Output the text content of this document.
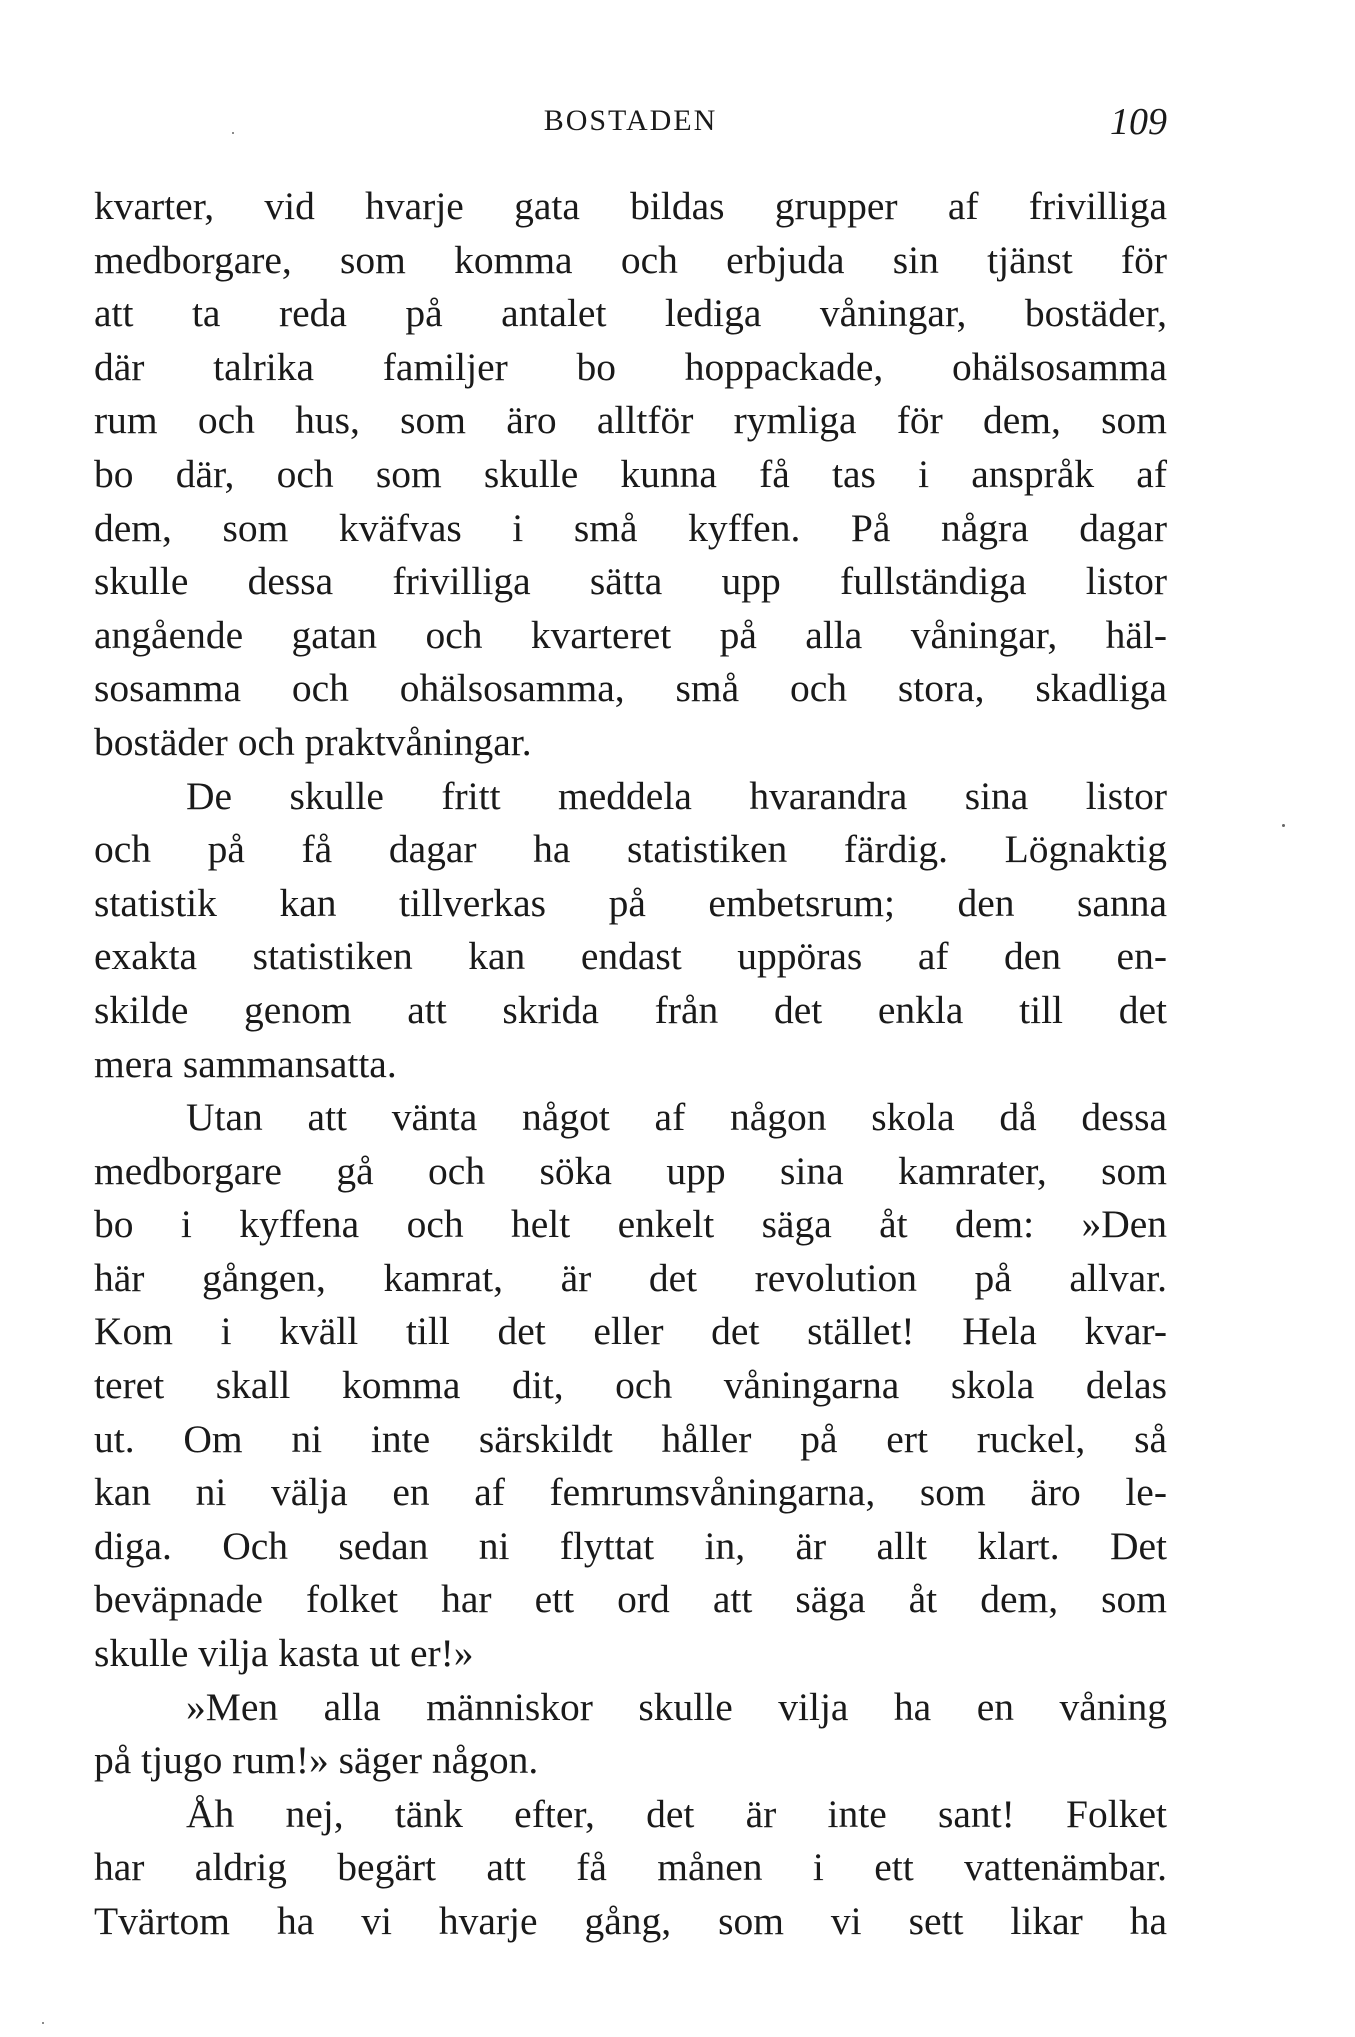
BOSTADEN	109
kvarter, vid hvarje gata bildas grupper af frivilliga
medborgare, som komma och erbjuda sin tjänst för
att ta reda på antalet lediga våningar, bostäder,
där talrika familjer bo hoppackade, ohälsosamma
rum och hus, som äro alltför rymliga för dem, som
bo där, och som skulle kunna få tas i anspråk af
dem, som kväfvas i små kyffen. På några dagar
skulle dessa frivilliga sätta upp fullständiga listor
angående gatan och kvarteret på alla våningar, häl-
sosamma och ohälsosamma, små och stora, skadliga
bostäder och praktvåningar.
De skulle fritt meddela hvarandra sina listor
och på få dagar ha statistiken färdig. Lögnaktig
statistik kan tillverkas på embetsrum; den sanna
exakta statistiken kan endast uppöras af den en-
skilde genom att skrida från det enkla till det
mera sammansatta.
Utan att vänta något af någon skola då dessa
medborgare gå och söka upp sina kamrater, som
bo i kyffena och helt enkelt säga åt dem: »Den
här gången, kamrat, är det revolution på allvar.
Kom i kväll till det eller det stället! Hela kvar-
teret skall komma dit, och våningarna skola delas
ut. Om ni inte särskildt håller på ert ruckel, så
kan ni välja en af femrumsvåningarna, som äro le-
diga. Och sedan ni flyttat in, är allt klart. Det
beväpnade folket har ett ord att säga åt dem, som
skulle vilja kasta ut er!»
»Men alla människor skulle vilja ha en våning
på tjugo rum!» säger någon.
Åh nej, tänk efter, det är inte sant! Folket
har aldrig begärt att få månen i ett vattenämbar.
Tvärtom ha vi hvarje gång, som vi sett likar ha
